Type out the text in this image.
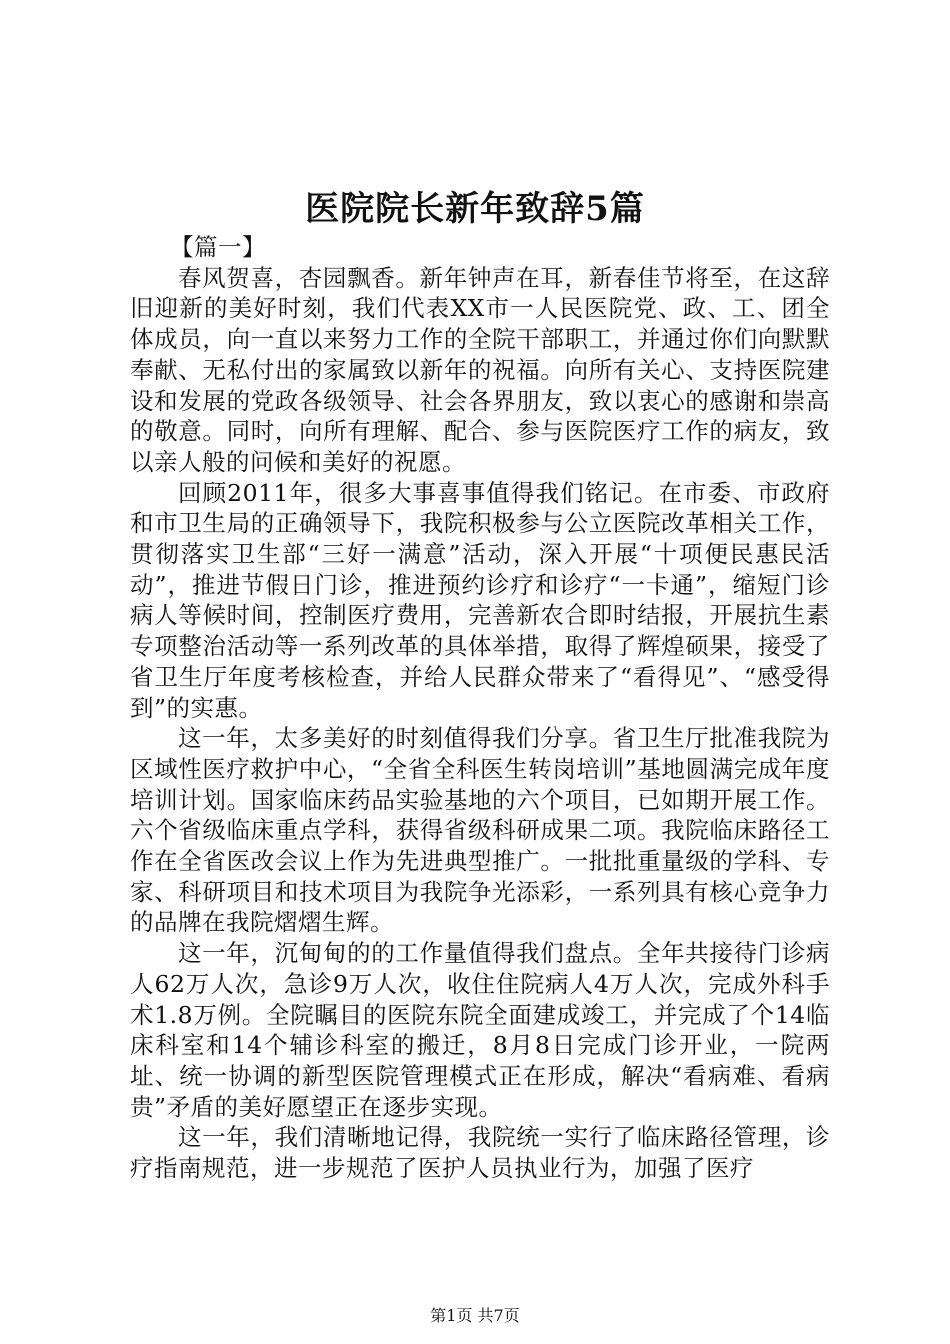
医院院长新年致辞5篇

【篇一】

春风贺喜，杏园飘香。新年钟声在耳，新春佳节将至，在这辞旧迎新的美好时刻，我们代表XX市一人民医院党、政、工、团全体成员，向一直以来努力工作的全院干部职工，并通过你们向默默奉献、无私付出的家属致以新年的祝福。向所有关心、支持医院建设和发展的党政各级领导、社会各界朋友，致以衷心的感谢和崇高的敬意。同时，向所有理解、配合、参与医院医疗工作的病友，致以亲人般的问候和美好的祝愿。

回顾2011年，很多大事喜事值得我们铭记。在市委、市政府和市卫生局的正确领导下，我院积极参与公立医院改革相关工作，贯彻落实卫生部“三好一满意”活动，深入开展“十项便民惠民活动”，推进节假日门诊，推进预约诊疗和诊疗“一卡通”，缩短门诊病人等候时间，控制医疗费用，完善新农合即时结报，开展抗生素专项整治活动等一系列改革的具体举措，取得了辉煌硕果，接受了省卫生厅年度考核检查，并给人民群众带来了“看得见”、“感受得到”的实惠。

这一年，太多美好的时刻值得我们分享。省卫生厅批准我院为区域性医疗救护中心，“全省全科医生转岗培训”基地圆满完成年度培训计划。国家临床药品实验基地的六个项目，已如期开展工作。六个省级临床重点学科，获得省级科研成果二项。我院临床路径工作在全省医改会议上作为先进典型推广。一批批重量级的学科、专家、科研项目和技术项目为我院争光添彩，一系列具有核心竞争力的品牌在我院熠熠生辉。

这一年，沉甸甸的的工作量值得我们盘点。全年共接待门诊病人62万人次，急诊9万人次，收住住院病人4万人次，完成外科手术1.8万例。全院瞩目的医院东院全面建成竣工，并完成了个14临床科室和14个辅诊科室的搬迁，8月8日完成门诊开业，一院两址、统一协调的新型医院管理模式正在形成，解决“看病难、看病贵”矛盾的美好愿望正在逐步实现。

这一年，我们清晰地记得，我院统一实行了临床路径管理，诊疗指南规范，进一步规范了医护人员执业行为，加强了医疗

第1页 共7页
